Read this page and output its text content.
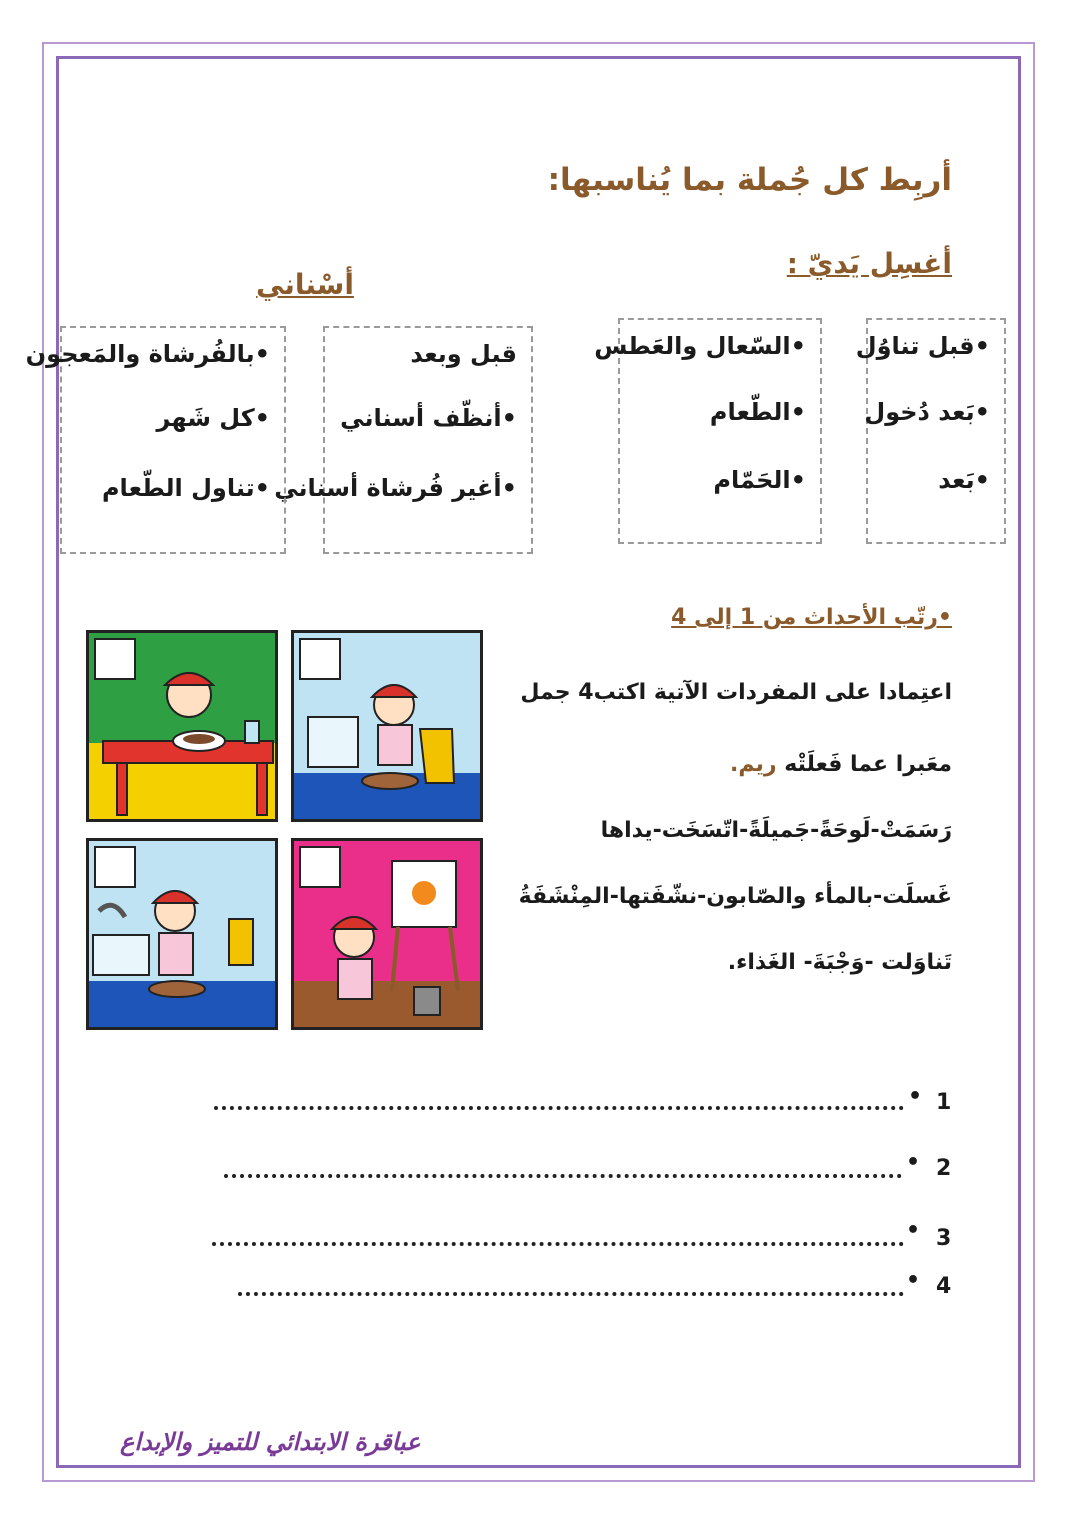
أربِط كل جُملة بما يُناسبها:
أغسِل يَديّ :
أسْناني
•قبل تناوُل
•بَعد دُخول
•بَعد
•السّعال والعَطس
•الطّعام
•الحَمّام
قبل وبعد
•أنظّف أسناني
•أغير فُرشاة أسناني
•بالفُرشاة والمَعجون
•كل شَهر
•تناول الطّعام
•رتّب الأحداث من 1 إلى 4
اعتِمادا على المفردات الآتية اكتب4 جمل
معَبرا عما فَعلَتْه ريم.
رَسَمَتْ-لَوحَةً-جَميلَةً-اتّسَخَت-يداها
غَسلَت-بالمأء والصّابون-نشّفَتها-المِنْشَفَةُ
تَناوَلت -وَجْبَةَ- الغَذاء.
1
•
2
•
3
•
4
•
عباقرة الابتدائي للتميز والإبداع
